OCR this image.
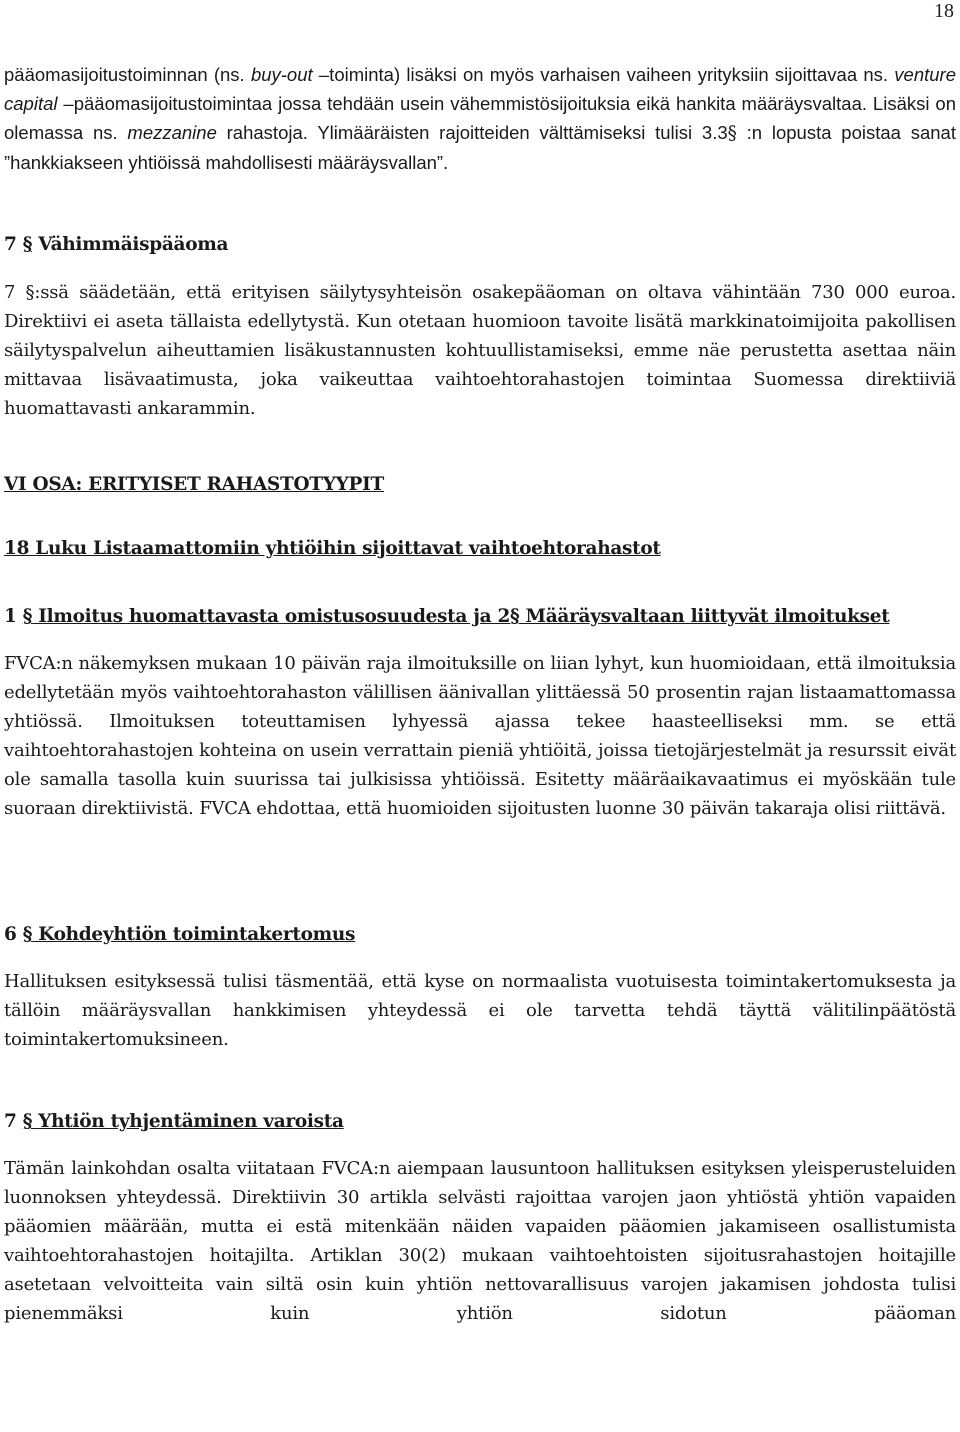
18

pääomasijoitustoiminnan (ns. buy-out –toiminta) lisäksi on myös varhaisen vaiheen yrityksiin sijoittavaa ns. venture capital –pääomasijoitustoimintaa jossa tehdään usein vähemmistösijoituksia eikä hankita määräysvaltaa. Lisäksi on olemassa ns. mezzanine rahastoja. Ylimääräisten rajoitteiden välttämiseksi tulisi 3.3§ :n lopusta poistaa sanat ”hankkiakseen yhtiöissä mahdollisesti määräysvallan”.

7 § Vähimmäispääoma

7 §:ssä säädetään, että erityisen säilytysyhteisön osakepääoman on oltava vähintään 730 000 euroa. Direktiivi ei aseta tällaista edellytystä. Kun otetaan huomioon tavoite lisätä markkinatoimijoita pakollisen säilytyspalvelun aiheuttamien lisäkustannusten kohtuullistamiseksi, emme näe perustetta asettaa näin mittavaa lisävaatimusta, joka vaikeuttaa vaihtoehtorahastojen toimintaa Suomessa direktiiviä huomattavasti ankarammin.

VI OSA: ERITYISET RAHASTOTYYPIT
18 Luku Listaamattomiin yhtiöihin sijoittavat vaihtoehtorahastot
1 § Ilmoitus huomattavasta omistusosuudesta ja 2§ Määräysvaltaan liittyvät ilmoitukset

FVCA:n näkemyksen mukaan 10 päivän raja ilmoituksille on liian lyhyt, kun huomioidaan, että ilmoituksia edellytetään myös vaihtoehtorahaston välillisen äänivallan ylittäessä 50 prosentin rajan listaamattomassa yhtiössä. Ilmoituksen toteuttamisen lyhyessä ajassa tekee haasteelliseksi mm. se että vaihtoehtorahastojen kohteina on usein verrattain pieniä yhtiöitä, joissa tietojärjestelmät ja resurssit eivät ole samalla tasolla kuin suurissa tai julkisissa yhtiöissä. Esitetty määräaikavaatimus ei myöskään tule suoraan direktiivistä. FVCA ehdottaa, että huomioiden sijoitusten luonne 30 päivän takaraja olisi riittävä.

6 § Kohdeyhtiön toimintakertomus

Hallituksen esityksessä tulisi täsmentää, että kyse on normaalista vuotuisesta toimintakertomuksesta ja tällöin määräysvallan hankkimisen yhteydessä ei ole tarvetta tehdä täyttä välitilinpäätöstä toimintakertomuksineen.

7 § Yhtiön tyhjentäminen varoista

Tämän lainkohdan osalta viitataan FVCA:n aiempaan lausuntoon hallituksen esityksen yleisperusteluiden luonnoksen yhteydessä. Direktiivin 30 artikla selvästi rajoittaa varojen jaon yhtiöstä yhtiön vapaiden pääomien määrään, mutta ei estä mitenkään näiden vapaiden pääomien jakamiseen osallistumista vaihtoehtorahastojen hoitajilta. Artiklan 30(2) mukaan vaihtoehtoisten sijoitusrahastojen hoitajille asetetaan velvoitteita vain siltä osin kuin yhtiön nettovarallisuus varojen jakamisen johdosta tulisi pienemmäksi kuin yhtiön sidotun pääoman
